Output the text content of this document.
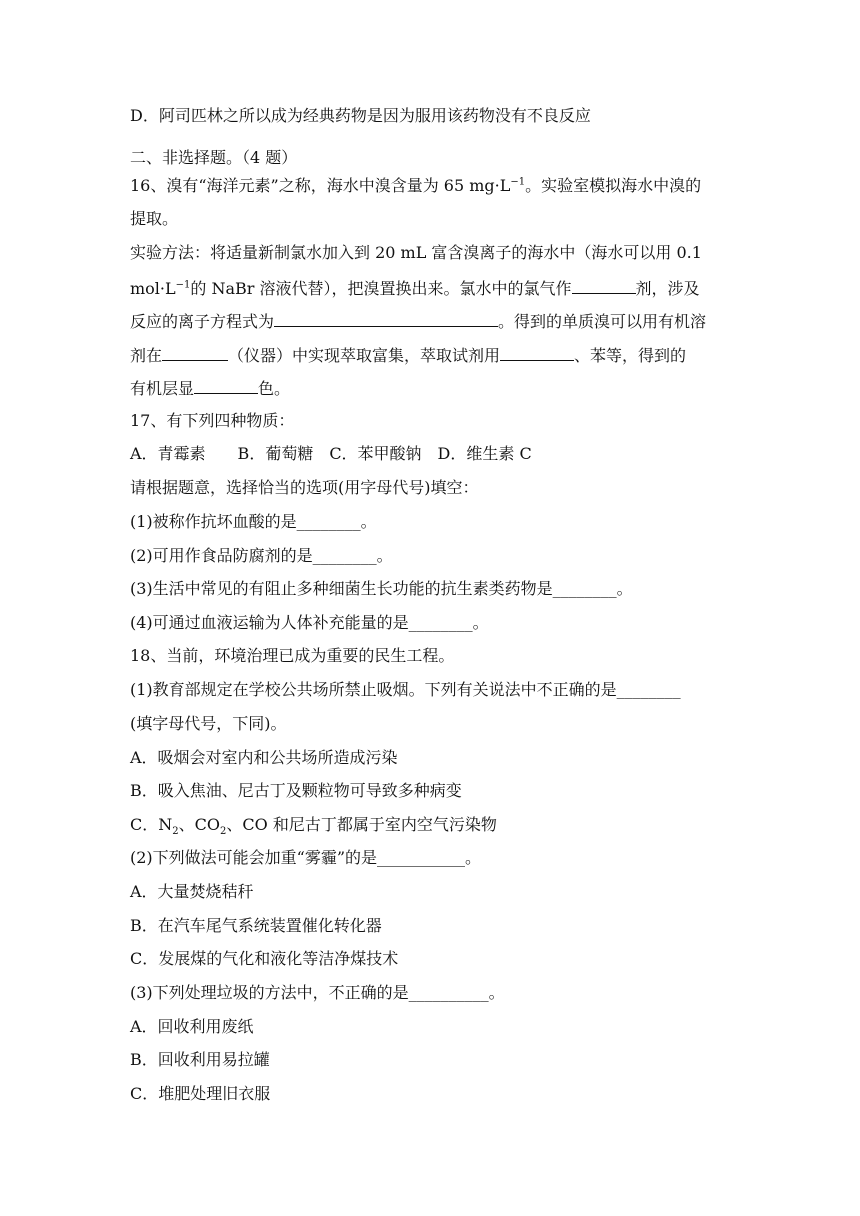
D．阿司匹林之所以成为经典药物是因为服用该药物没有不良反应
二、非选择题。（4 题）
16、溴有“海洋元素”之称，海水中溴含量为 65 $mg\cdot L^{-1}$。实验室模拟海水中溴的
提取。
实验方法：将适量新制氯水加入到 20 mL 富含溴离子的海水中（海水可以用 0.1
$mol\cdot L^{-1}$的 NaBr 溶液代替），把溴置换出来。氯水中的氯气作	剂，涉及
反应的离子方程式为	。得到的单质溴可以用有机溶
剂在	（仪器）中实现萃取富集，萃取试剂用	、苯等，得到的
有机层显	色。
17、有下列四种物质：
A．青霉素　　B．葡萄糖　C．苯甲酸钠　D．维生素 C
请根据题意，选择恰当的选项(用字母代号)填空：
(1)被称作抗坏血酸的是________。
(2)可用作食品防腐剂的是________。
(3)生活中常见的有阻止多种细菌生长功能的抗生素类药物是________。
(4)可通过血液运输为人体补充能量的是________。
18、当前，环境治理已成为重要的民生工程。
(1)教育部规定在学校公共场所禁止吸烟。下列有关说法中不正确的是________
(填字母代号，下同)。
A．吸烟会对室内和公共场所造成污染
B．吸入焦油、尼古丁及颗粒物可导致多种病变
C．$N_2$、$CO_2$、CO 和尼古丁都属于室内空气污染物
(2)下列做法可能会加重“雾霾”的是___________。
A．大量焚烧秸秆
B．在汽车尾气系统装置催化转化器
C．发展煤的气化和液化等洁净煤技术
(3)下列处理垃圾的方法中，不正确的是__________。
A．回收利用废纸
B．回收利用易拉罐
C．堆肥处理旧衣服
